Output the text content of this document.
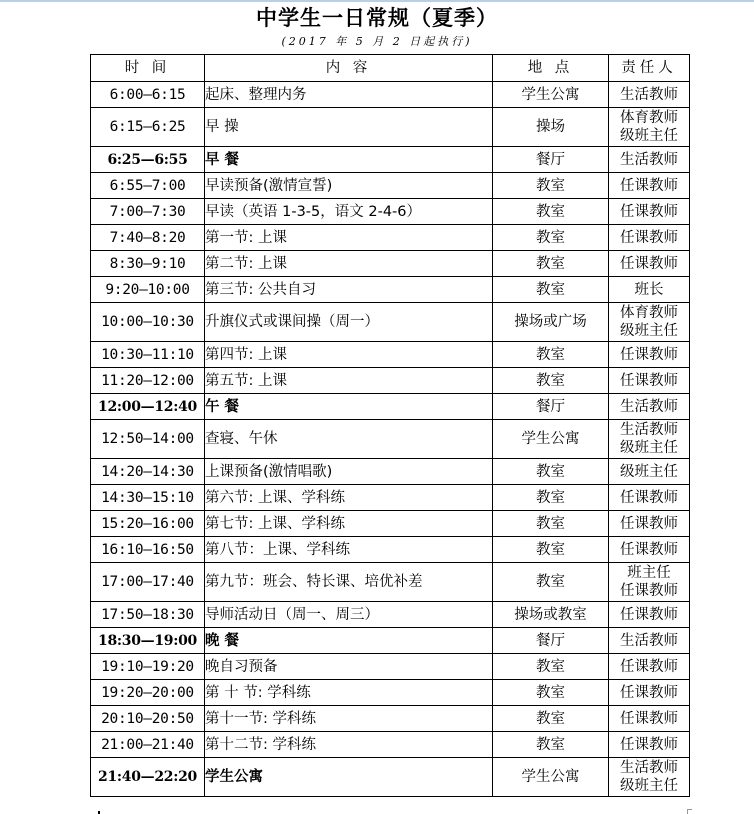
中学生一日常规（夏季）
(2017 年 5 月 2 日起执行)
时 间	内 容	地 点	责任人
6:00—6:15	起床、整理内务	学生公寓	生活教师
6:15—6:25	早 操	操场	体育教师
级班主任
6:25—6:55	早 餐	餐厅	生活教师
6:55—7:00	早读预备(激情宣誓)	教室	任课教师
7:00—7:30	早读（英语 1-3-5，语文 2-4-6）	教室	任课教师
7:40—8:20	第一节: 上课	教室	任课教师
8:30—9:10	第二节: 上课	教室	任课教师
9:20—10:00	第三节: 公共自习	教室	班长
10:00—10:30	升旗仪式或课间操（周一）	操场或广场	体育教师
级班主任
10:30—11:10	第四节: 上课	教室	任课教师
11:20—12:00	第五节: 上课	教室	任课教师
12:00—12:40	午 餐	餐厅	生活教师
12:50—14:00	查寝、午休	学生公寓	生活教师
级班主任
14:20—14:30	上课预备(激情唱歌)	教室	级班主任
14:30—15:10	第六节: 上课、学科练	教室	任课教师
15:20—16:00	第七节: 上课、学科练	教室	任课教师
16:10—16:50	第八节：上课、学科练	教室	任课教师
17:00—17:40	第九节：班会、特长课、培优补差	教室	班主任
任课教师
17:50—18:30	导师活动日（周一、周三）	操场或教室	任课教师
18:30—19:00	晚 餐	餐厅	生活教师
19:10—19:20	晚自习预备	教室	任课教师
19:20—20:00	第 十 节: 学科练	教室	任课教师
20:10—20:50	第十一节: 学科练	教室	任课教师
21:00—21:40	第十二节: 学科练	教室	任课教师
21:40—22:20	学生公寓	学生公寓	生活教师
级班主任
